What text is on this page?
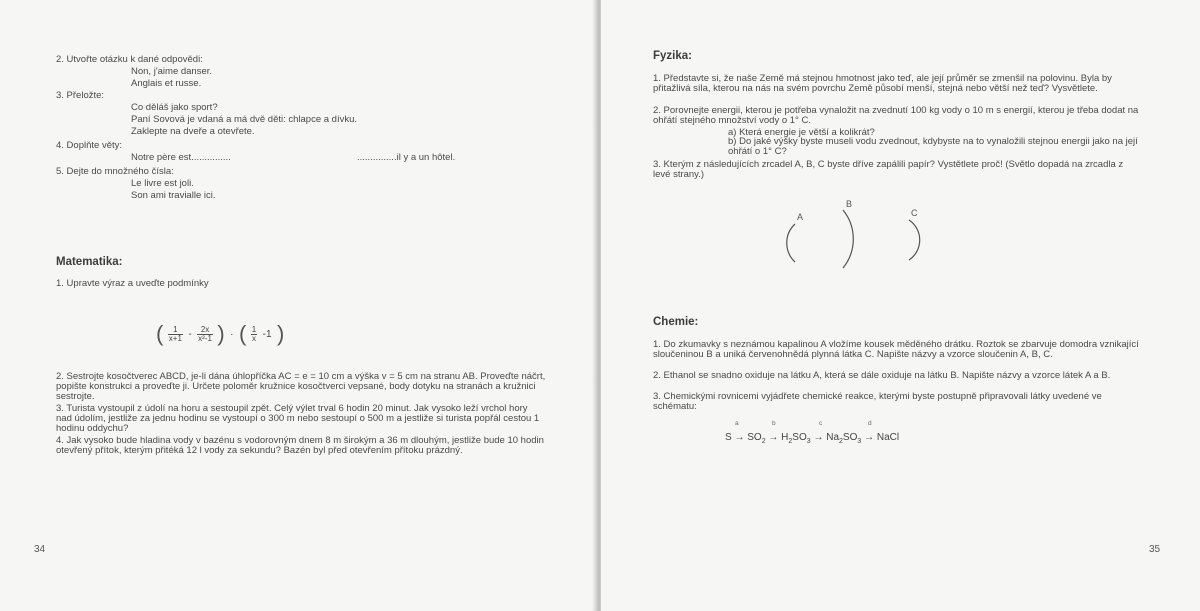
2. Utvořte otázku k dané odpovědi:
Non, j'aime danser.
Anglais et russe.
3. Přeložte:
Co děláš jako sport?
Paní Sovová je vdaná a má dvě děti: chlapce a dívku.
Zaklepte na dveře a otevřete.
4. Doplňte věty:
Notre père est...............	...............il y a un hôtel.
5. Dejte do množného čísla:
Le livre est joli.
Son ami travialle ici.
Matematika:
1. Upravte výraz a uveďte podmínky
( $\frac{1}{x+1} - \frac{2x}{\text{x²-1}}$ ) · ( $\frac{1}{x} -1$ )
2. Sestrojte kosočtverec ABCD, je-li dána úhlopříčka AC = e = 10 cm a výška v = 5 cm na stranu AB. Proveďte náčrt, popište konstrukci a proveďte ji. Určete poloměr kružnice kosočtverci vepsané, body dotyku na stranách a kružnici sestrojte.
3. Turista vystoupil z údolí na horu a sestoupil zpět. Celý výlet trval 6 hodin 20 minut. Jak vysoko leží vrchol hory nad údolím, jestliže za jednu hodinu se vystoupí o 300 m nebo sestoupí o 500 m a jestliže si turista popřál cestou 1 hodinu oddychu?
4. Jak vysoko bude hladina vody v bazénu s vodorovným dnem 8 m širokým a 36 m dlouhým, jestliže bude 10 hodin otevřený přítok, kterým přitéká 12 l vody za sekundu? Bazén byl před otevřením přítoku prázdný.
34
Fyzika:
1. Představte si, že naše Země má stejnou hmotnost jako teď, ale její průměr se zmenšil na polovinu. Byla by přitažlivá síla, kterou na nás na svém povrchu Země působí menší, stejná nebo větší než teď? Vysvětlete.
2. Porovnejte energii, kterou je potřeba vynaložit na zvednutí 100 kg vody o 10 m s energií, kterou je třeba dodat na ohřátí stejného množství vody o 1° C.
a) Která energie je větší a kolikrát?
b) Do jaké výšky byste museli vodu zvednout, kdybyste na to vynaložili stejnou energii jako na její ohřátí o 1° C?
3. Kterým z následujících zrcadel A, B, C byste dříve zapálili papír? Vystětlete proč! (Světlo dopadá na zrcadla z levé strany.)
A
B
C
Chemie:
1. Do zkumavky s neznámou kapalinou A vložíme kousek měděného drátku. Roztok se zbarvuje domodra vznikající sloučeninou B a uniká červenohnědá plynná látka C. Napište názvy a vzorce sloučenin A, B, C.
2. Ethanol se snadno oxiduje na látku A, která se dále oxiduje na látku B. Napište názvy a vzorce látek A a B.
3. Chemickými rovnicemi vyjádřete chemické reakce, kterými byste postupně připravovali látky uvedené ve schématu:
a	b	c	d
$S \to SO_2 \to H_2SO_3 \to Na_2SO_3$ → NaCl
35
